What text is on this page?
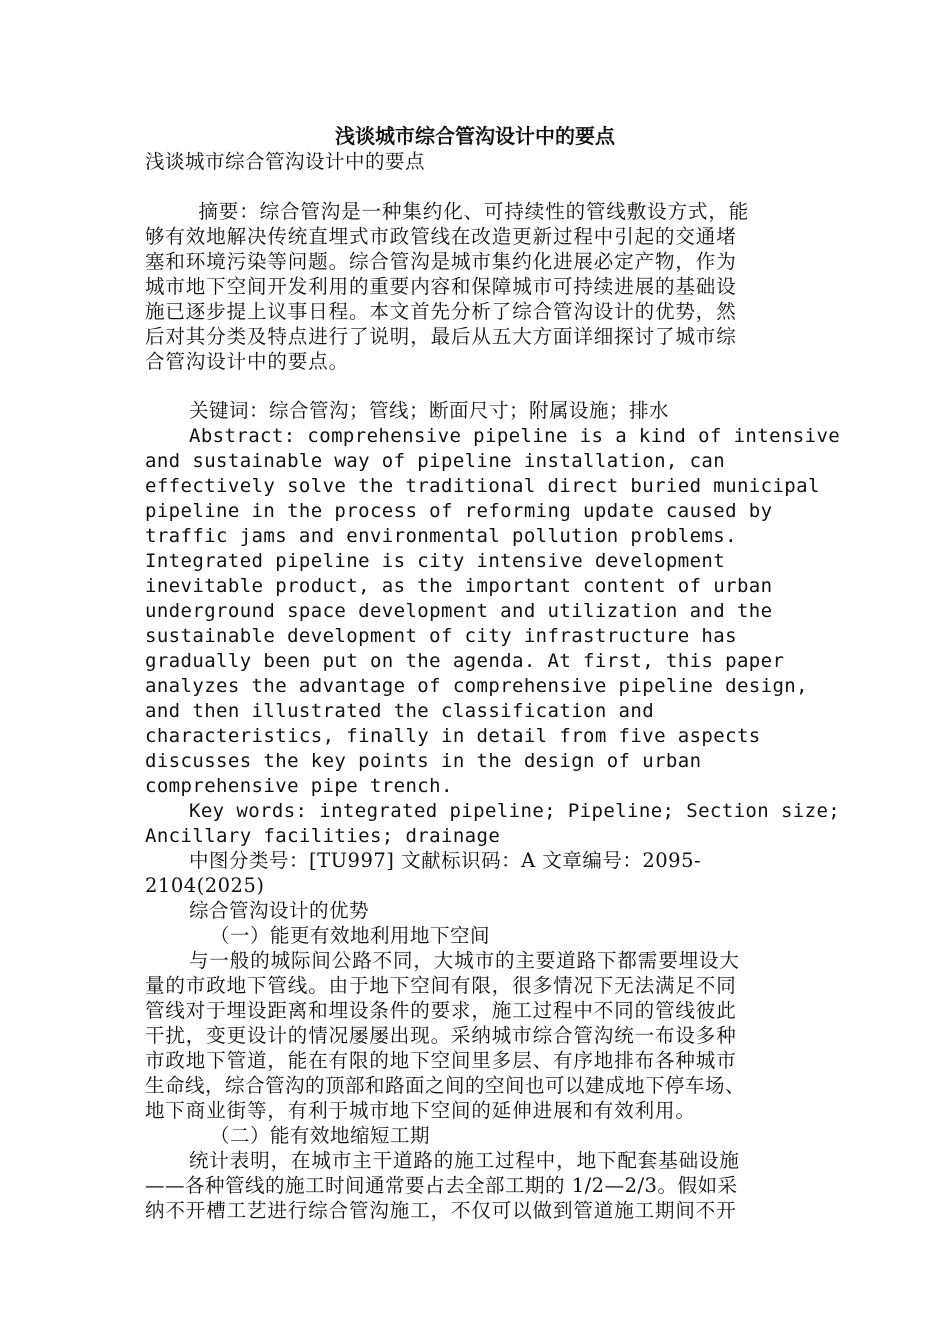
浅谈城市综合管沟设计中的要点
浅谈城市综合管沟设计中的要点
　摘要：综合管沟是一种集约化、可持续性的管线敷设方式，能
够有效地解决传统直埋式市政管线在改造更新过程中引起的交通堵
塞和环境污染等问题。综合管沟是城市集约化进展必定产物，作为
城市地下空间开发利用的重要内容和保障城市可持续进展的基础设
施已逐步提上议事日程。本文首先分析了综合管沟设计的优势，然
后对其分类及特点进行了说明，最后从五大方面详细探讨了城市综
合管沟设计中的要点。
关键词：综合管沟；管线；断面尺寸；附属设施；排水
Abstract: comprehensive pipeline is a kind of intensive
and sustainable way of pipeline installation, can
effectively solve the traditional direct buried municipal
pipeline in the process of reforming update caused by
traffic jams and environmental pollution problems.
Integrated pipeline is city intensive development
inevitable product, as the important content of urban
underground space development and utilization and the
sustainable development of city infrastructure has
gradually been put on the agenda. At first, this paper
analyzes the advantage of comprehensive pipeline design,
and then illustrated the classification and
characteristics, finally in detail from five aspects
discusses the key points in the design of urban
comprehensive pipe trench.
Key words: integrated pipeline; Pipeline; Section size;
Ancillary facilities; drainage
中图分类号：[TU997] 文献标识码：A 文章编号：2095-
2104(2025)
综合管沟设计的优势
（一）能更有效地利用地下空间
与一般的城际间公路不同，大城市的主要道路下都需要埋设大
量的市政地下管线。由于地下空间有限，很多情况下无法满足不同
管线对于埋设距离和埋设条件的要求，施工过程中不同的管线彼此
干扰，变更设计的情况屡屡出现。采纳城市综合管沟统一布设多种
市政地下管道，能在有限的地下空间里多层、有序地排布各种城市
生命线，综合管沟的顶部和路面之间的空间也可以建成地下停车场、
地下商业街等，有利于城市地下空间的延伸进展和有效利用。
（二）能有效地缩短工期
统计表明，在城市主干道路的施工过程中，地下配套基础设施
——各种管线的施工时间通常要占去全部工期的 1/2—2/3。假如采
纳不开槽工艺进行综合管沟施工，不仅可以做到管道施工期间不开
